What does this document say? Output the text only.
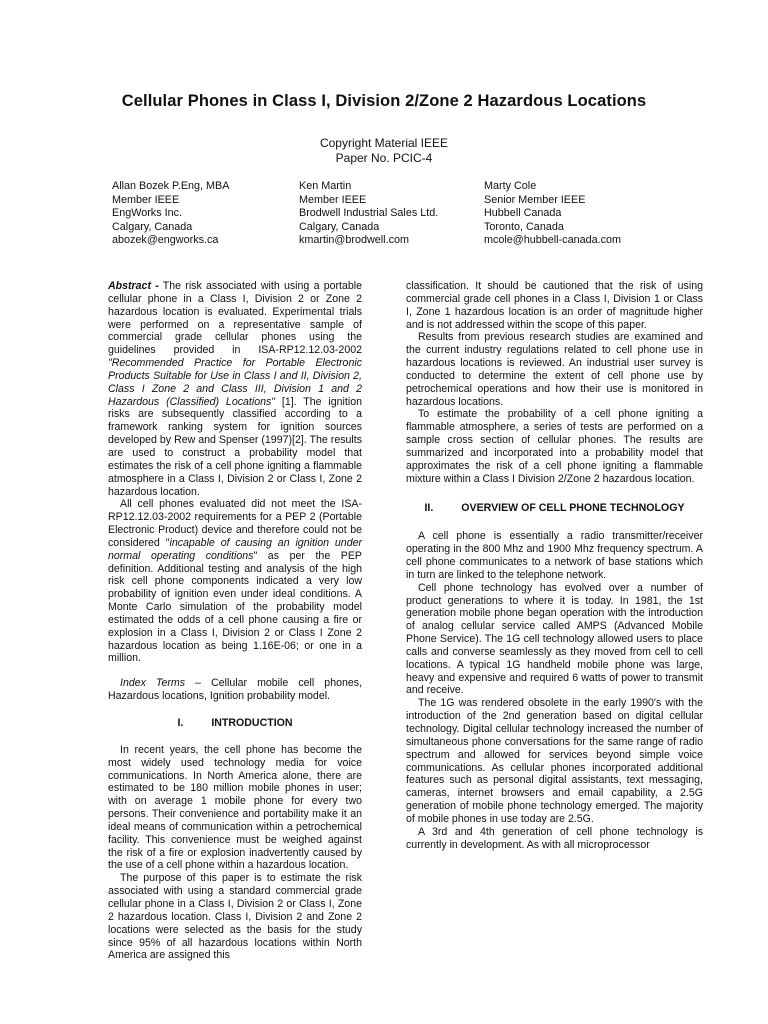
Cellular Phones in Class I, Division 2/Zone 2 Hazardous Locations
Copyright Material IEEE
Paper No. PCIC-4
Allan Bozek P.Eng, MBA
Member IEEE
EngWorks Inc.
Calgary, Canada
abozek@engworks.ca
Ken Martin
Member IEEE
Brodwell Industrial Sales Ltd.
Calgary, Canada
kmartin@brodwell.com
Marty Cole
Senior Member IEEE
Hubbell Canada
Toronto, Canada
mcole@hubbell-canada.com

Abstract - The risk associated with using a portable cellular phone in a Class I, Division 2 or Zone 2 hazardous location is evaluated. Experimental trials were performed on a representative sample of commercial grade cellular phones using the guidelines provided in ISA-RP12.12.03-2002 "Recommended Practice for Portable Electronic Products Suitable for Use in Class I and II, Division 2, Class I Zone 2 and Class III, Division 1 and 2 Hazardous (Classified) Locations" [1]. The ignition risks are subsequently classified according to a framework ranking system for ignition sources developed by Rew and Spenser (1997)[2]. The results are used to construct a probability model that estimates the risk of a cell phone igniting a flammable atmosphere in a Class I, Division 2 or Class I, Zone 2 hazardous location.

All cell phones evaluated did not meet the ISA-RP12.12.03-2002 requirements for a PEP 2 (Portable Electronic Product) device and therefore could not be considered "incapable of causing an ignition under normal operating conditions" as per the PEP definition. Additional testing and analysis of the high risk cell phone components indicated a very low probability of ignition even under ideal conditions. A Monte Carlo simulation of the probability model estimated the odds of a cell phone causing a fire or explosion in a Class I, Division 2 or Class I Zone 2 hazardous location as being 1.16E-06; or one in a million.

Index Terms – Cellular mobile cell phones, Hazardous locations, Ignition probability model.

I.	INTRODUCTION

In recent years, the cell phone has become the most widely used technology media for voice communications. In North America alone, there are estimated to be 180 million mobile phones in user; with on average 1 mobile phone for every two persons. Their convenience and portability make it an ideal means of communication within a petrochemical facility. This convenience must be weighed against the risk of a fire or explosion inadvertently caused by the use of a cell phone within a hazardous location.

The purpose of this paper is to estimate the risk associated with using a standard commercial grade cellular phone in a Class I, Division 2 or Class I, Zone 2 hazardous location. Class I, Division 2 and Zone 2 locations were selected as the basis for the study since 95% of all hazardous locations within North America are assigned this

classification. It should be cautioned that the risk of using commercial grade cell phones in a Class I, Division 1 or Class I, Zone 1 hazardous location is an order of magnitude higher and is not addressed within the scope of this paper.

Results from previous research studies are examined and the current industry regulations related to cell phone use in hazardous locations is reviewed. An industrial user survey is conducted to determine the extent of cell phone use by petrochemical operations and how their use is monitored in hazardous locations.

To estimate the probability of a cell phone igniting a flammable atmosphere, a series of tests are performed on a sample cross section of cellular phones. The results are summarized and incorporated into a probability model that approximates the risk of a cell phone igniting a flammable mixture within a Class I Division 2/Zone 2 hazardous location.

II.	OVERVIEW OF CELL PHONE TECHNOLOGY

A cell phone is essentially a radio transmitter/receiver operating in the 800 Mhz and 1900 Mhz frequency spectrum. A cell phone communicates to a network of base stations which in turn are linked to the telephone network.

Cell phone technology has evolved over a number of product generations to where it is today. In 1981, the 1st generation mobile phone began operation with the introduction of analog cellular service called AMPS (Advanced Mobile Phone Service). The 1G cell technology allowed users to place calls and converse seamlessly as they moved from cell to cell locations. A typical 1G handheld mobile phone was large, heavy and expensive and required 6 watts of power to transmit and receive.

The 1G was rendered obsolete in the early 1990's with the introduction of the 2nd generation based on digital cellular technology. Digital cellular technology increased the number of simultaneous phone conversations for the same range of radio spectrum and allowed for services beyond simple voice communications. As cellular phones incorporated additional features such as personal digital assistants, text messaging, cameras, internet browsers and email capability, a 2.5G generation of mobile phone technology emerged. The majority of mobile phones in use today are 2.5G.

A 3rd and 4th generation of cell phone technology is currently in development. As with all microprocessor
